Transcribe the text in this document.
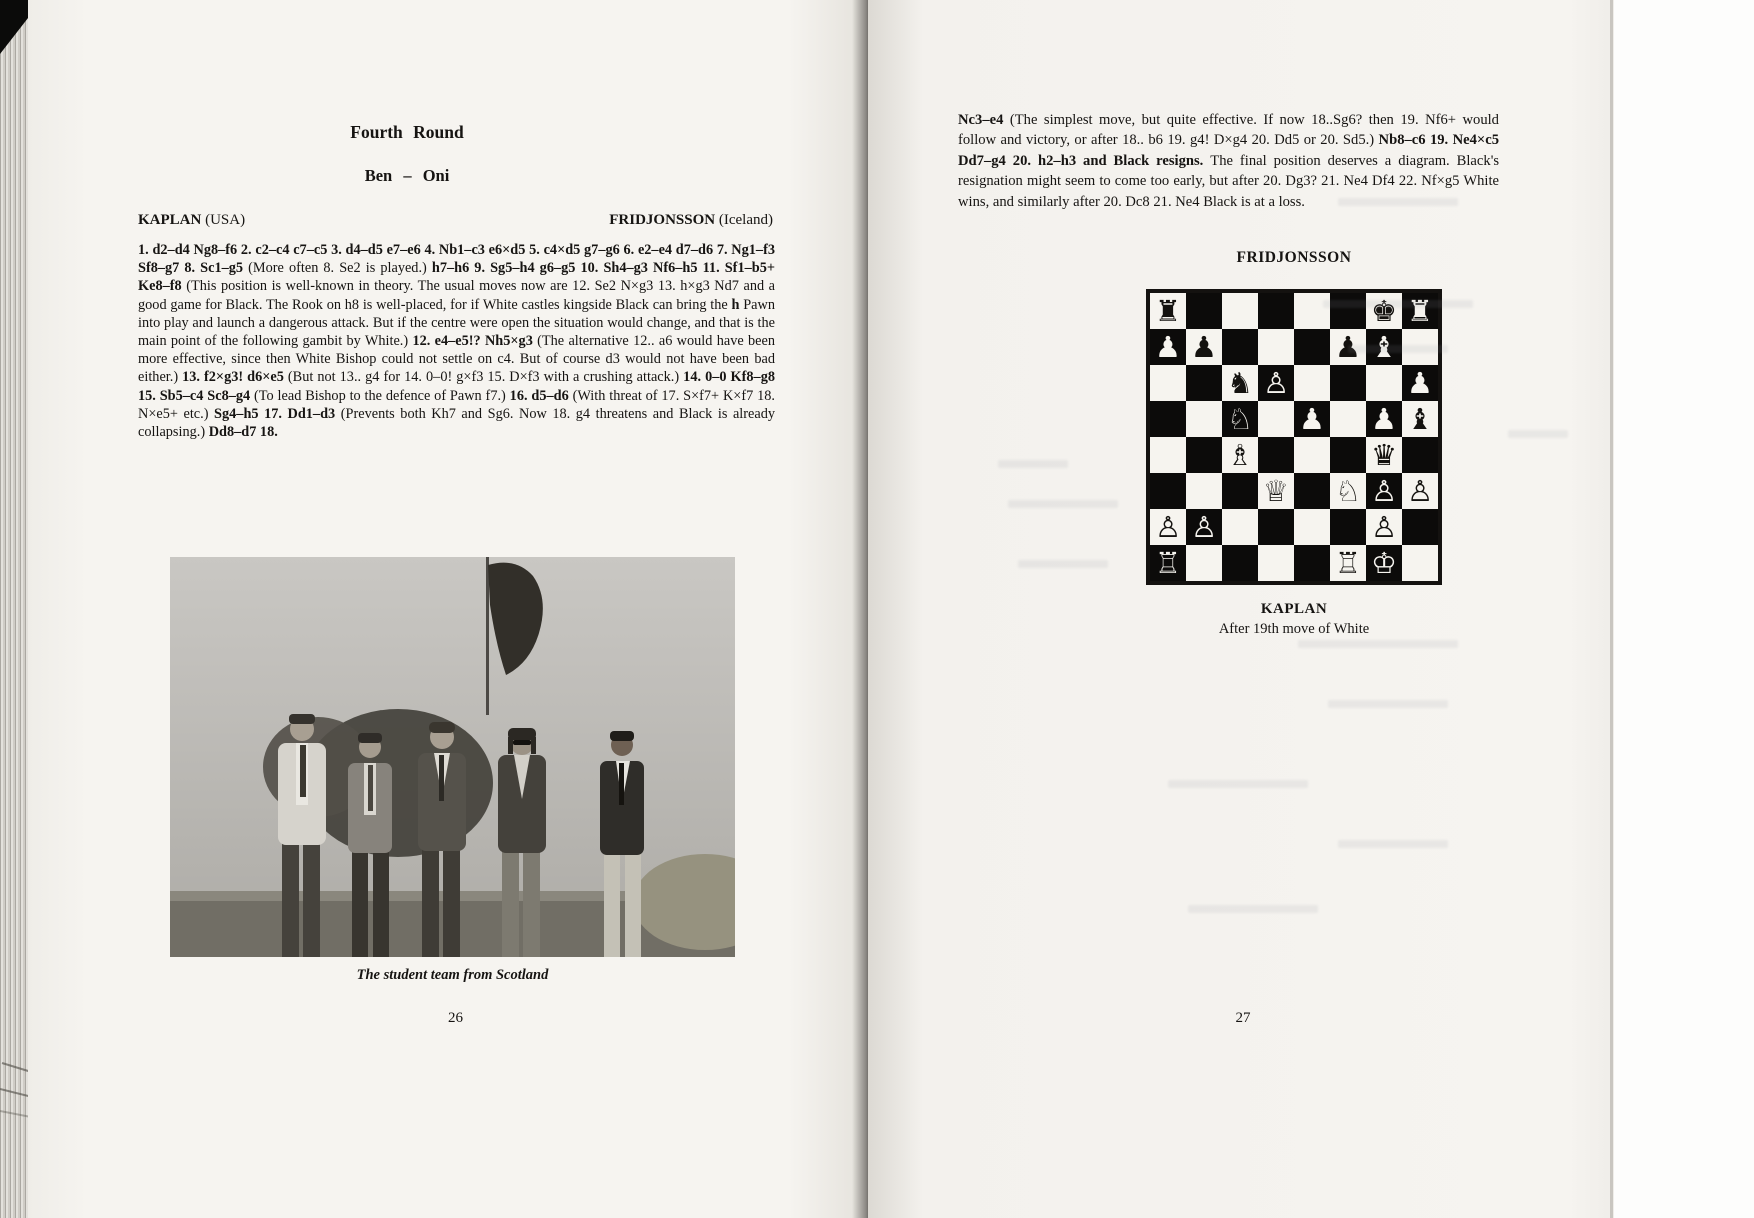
Fourth Round
Ben – Oni
KAPLAN (USA)	FRIDJONSSON (Iceland)

1. d2–d4 Ng8–f6 2. c2–c4 c7–c5 3. d4–d5 e7–e6 4. Nb1–c3 e6×d5 5. c4×d5 g7–g6 6. e2–e4 d7–d6 7. Ng1–f3 Sf8–g7 8. Sc1–g5 (More often 8. Se2 is played.) h7–h6 9. Sg5–h4 g6–g5 10. Sh4–g3 Nf6–h5 11. Sf1–b5+ Ke8–f8 (This position is well-known in theory. The usual moves now are 12. Se2 N×g3 13. h×g3 Nd7 and a good game for Black. The Rook on h8 is well-placed, for if White castles kingside Black can bring the h Pawn into play and launch a dangerous attack. But if the centre were open the situation would change, and that is the main point of the following gambit by White.) 12. e4–e5!? Nh5×g3 (The alternative 12.. a6 would have been more effective, since then White Bishop could not settle on c4. But of course d3 would not have been bad either.) 13. f2×g3! d6×e5 (But not 13.. g4 for 14. 0–0! g×f3 15. D×f3 with a crushing attack.) 14. 0–0 Kf8–g8 15. Sb5–c4 Sc8–g4 (To lead Bishop to the defence of Pawn f7.) 16. d5–d6 (With threat of 17. S×f7+ K×f7 18. N×e5+ etc.) Sg4–h5 17. Dd1–d3 (Prevents both Kh7 and Sg6. Now 18. g4 threatens and Black is already collapsing.) Dd8–d7 18.

The student team from Scotland
26

Nc3–e4 (The simplest move, but quite effective. If now 18..Sg6? then 19. Nf6+ would follow and victory, or after 18.. b6 19. g4! D×g4 20. Dd5 or 20. Sd5.) Nb8–c6 19. Ne4×c5 Dd7–g4 20. h2–h3 and Black resigns. The final position deserves a diagram. Black's resignation might seem to come too early, but after 20. Dg3? 21. Ne4 Df4 22. Nf×g5 White wins, and similarly after 20. Dc8 21. Ne4 Black is at a loss.

FRIDJONSSON
♜	♚ ♜
♟ ♟	♟ ♝
♞ ♙	♟
♘ ♟ ♟ ♝
♗	♛
♕ ♘ ♙ ♙
♙ ♙	♙
♖	♖ ♔
KAPLAN
After 19th move of White
27
